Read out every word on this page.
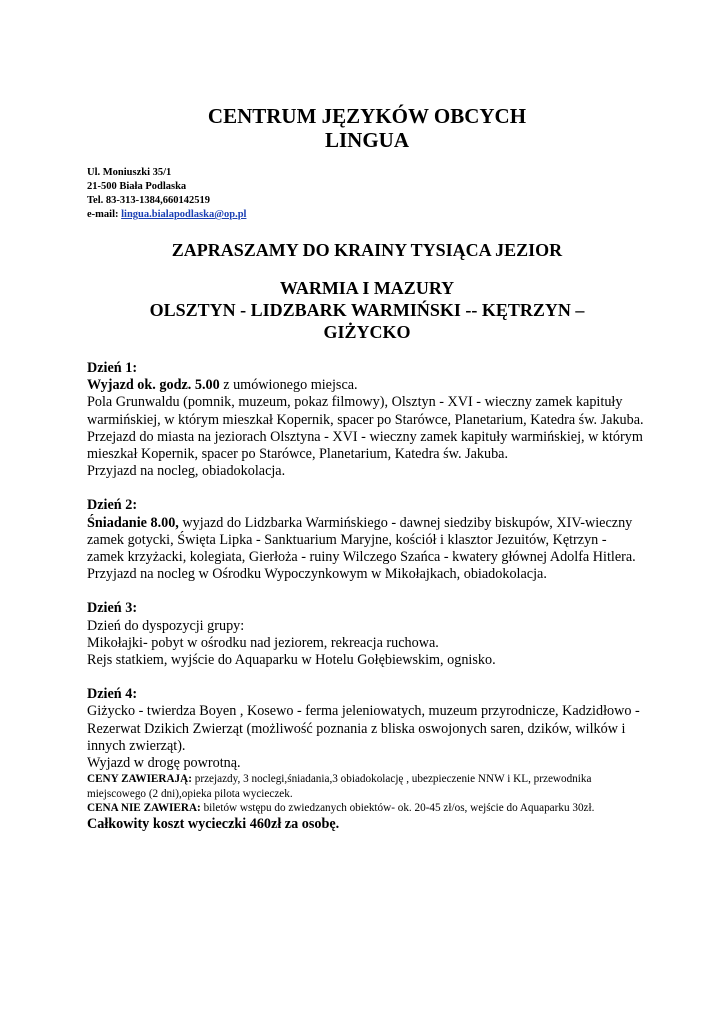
CENTRUM JĘZYKÓW OBCYCH
LINGUA
Ul. Moniuszki 35/1
21-500 Biała Podlaska
Tel. 83-313-1384,660142519
e-mail: lingua.bialapodlaska@op.pl
ZAPRASZAMY DO KRAINY TYSIĄCA JEZIOR
WARMIA I MAZURY
OLSZTYN - LIDZBARK WARMIŃSKI -- KĘTRZYN –
GIŻYCKO

Dzień 1:

Wyjazd ok. godz. 5.00 z umówionego miejsca.

Pola Grunwaldu (pomnik, muzeum, pokaz filmowy), Olsztyn - XVI - wieczny zamek kapituły warmińskiej, w którym mieszkał Kopernik, spacer po Starówce, Planetarium, Katedra św. Jakuba.

Przejazd do miasta na jeziorach Olsztyna - XVI - wieczny zamek kapituły warmińskiej, w którym mieszkał Kopernik, spacer po Starówce, Planetarium, Katedra św. Jakuba.

Przyjazd na nocleg, obiadokolacja.

Dzień 2:

Śniadanie 8.00, wyjazd do Lidzbarka Warmińskiego - dawnej siedziby biskupów, XIV-wieczny zamek gotycki, Święta Lipka - Sanktuarium Maryjne, kościół i klasztor Jezuitów, Kętrzyn - zamek krzyżacki, kolegiata, Gierłoża - ruiny Wilczego Szańca - kwatery głównej Adolfa Hitlera.

Przyjazd na nocleg w Ośrodku Wypoczynkowym w Mikołajkach, obiadokolacja.

Dzień 3:

Dzień do dyspozycji grupy:

Mikołajki- pobyt w ośrodku nad jeziorem, rekreacja ruchowa.

Rejs statkiem, wyjście do Aquaparku w Hotelu Gołębiewskim, ognisko.

Dzień 4:

Giżycko - twierdza Boyen , Kosewo - ferma jeleniowatych, muzeum przyrodnicze, Kadzidłowo - Rezerwat Dzikich Zwierząt (możliwość poznania z bliska oswojonych saren, dzików, wilków i innych zwierząt).

Wyjazd w drogę powrotną.

CENY ZAWIERAJĄ: przejazdy, 3 noclegi,śniadania,3 obiadokolację , ubezpieczenie NNW i KL, przewodnika miejscowego (2 dni),opieka pilota wycieczek.

CENA NIE ZAWIERA: biletów wstępu do zwiedzanych obiektów- ok. 20-45 zł/os, wejście do Aquaparku 30zł.

Całkowity koszt wycieczki 460zł za osobę.
